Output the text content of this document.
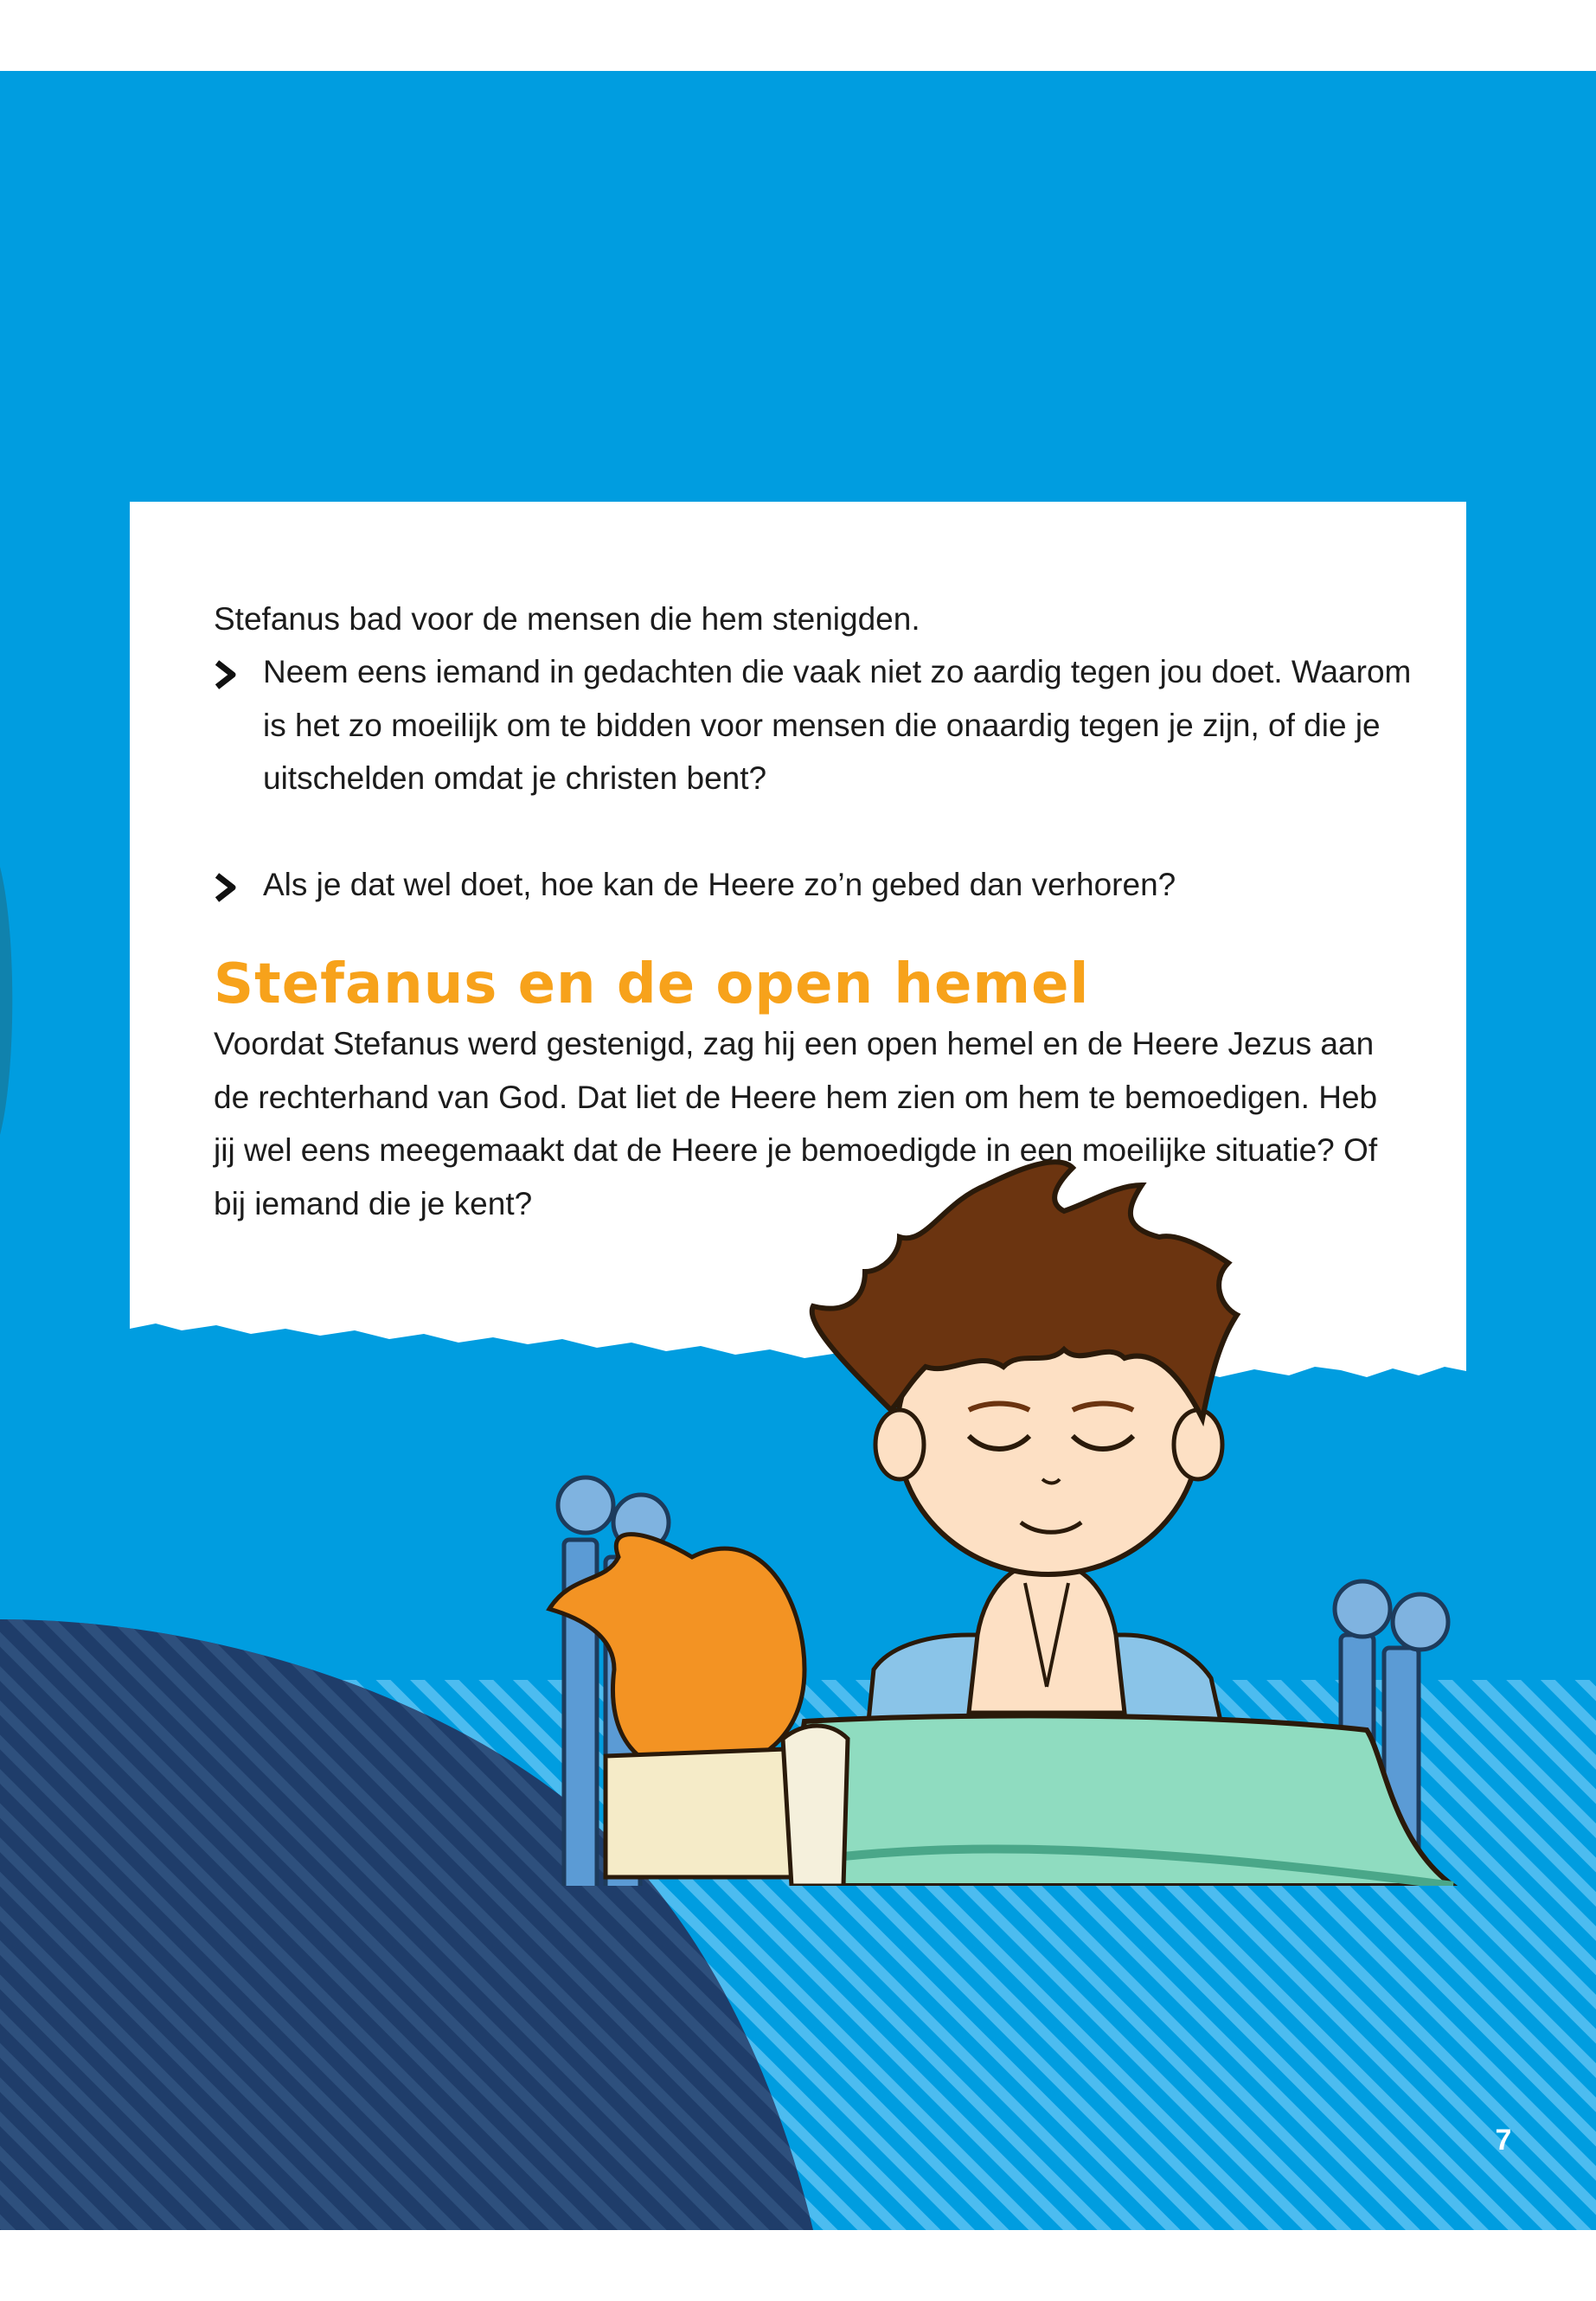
Stefanus bad voor de mensen die hem stenigden.

Neem eens iemand in gedachten die vaak niet zo aardig tegen jou doet. Waarom is het zo moeilijk om te bidden voor mensen die onaardig tegen je zijn, of die je uitschelden omdat je christen bent?
Als je dat wel doet, hoe kan de Heere zo’n gebed dan verhoren?
Stefanus en de open hemel

Voordat Stefanus werd gestenigd, zag hij een open hemel en de Heere Jezus aan de rechterhand van God. Dat liet de Heere hem zien om hem te bemoedigen. Heb jij wel eens meegemaakt dat de Heere je bemoedigde in een moeilijke situatie? Of bij iemand die je kent?

7
